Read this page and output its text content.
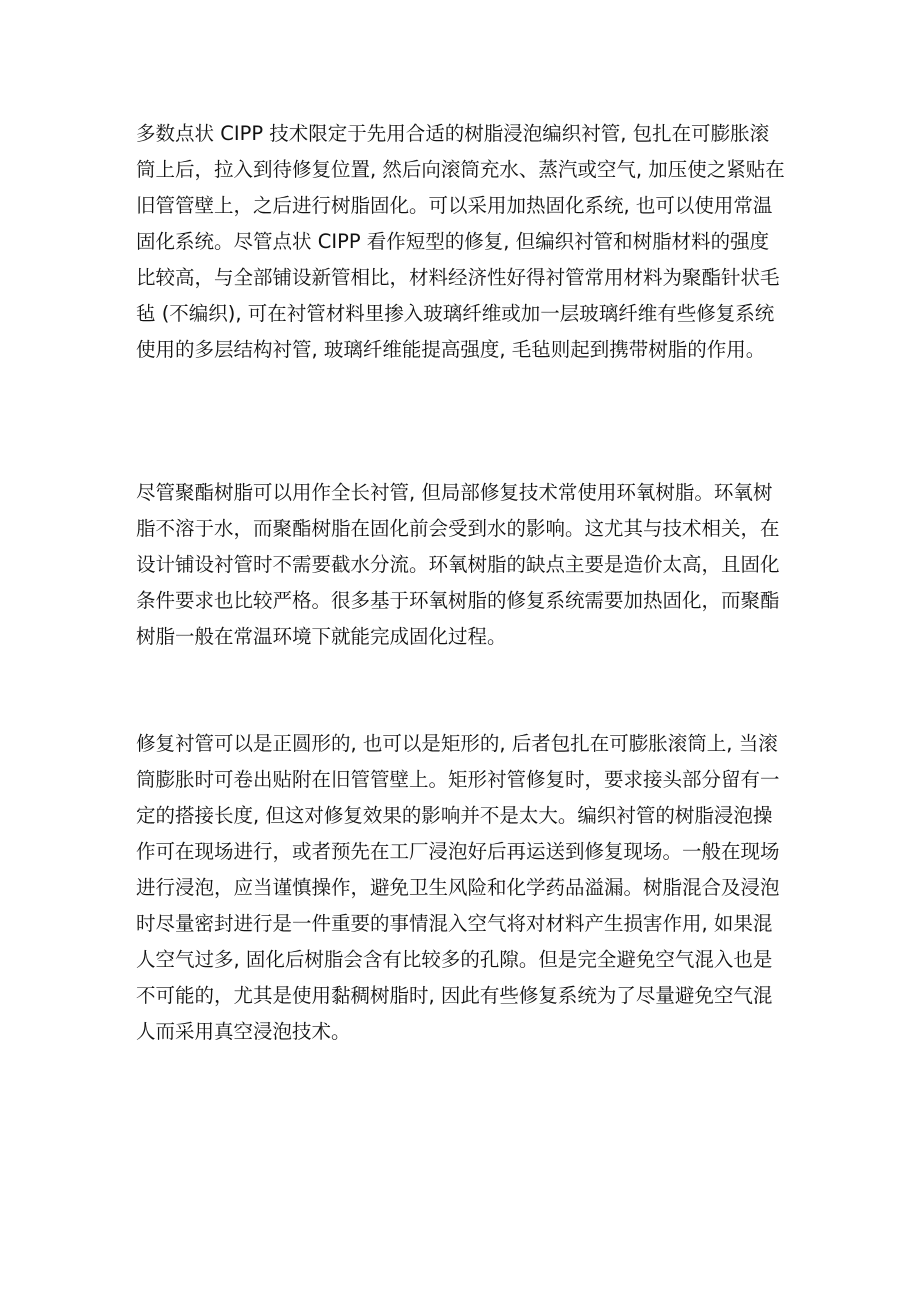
多数点状 CIPP 技术限定于先用合适的树脂浸泡编织衬管, 包扎在可膨胀滚
筒上后，拉入到待修复位置, 然后向滚筒充水、蒸汽或空气, 加压使之紧贴在
旧管管壁上，之后进行树脂固化。可以采用加热固化系统, 也可以使用常温
固化系统。尽管点状 CIPP 看作短型的修复, 但编织衬管和树脂材料的强度
比较高，与全部铺设新管相比，材料经济性好得衬管常用材料为聚酯针状毛
毡 (不编织), 可在衬管材料里掺入玻璃纤维或加一层玻璃纤维有些修复系统
使用的多层结构衬管, 玻璃纤维能提高强度, 毛毡则起到携带树脂的作用。

尽管聚酯树脂可以用作全长衬管, 但局部修复技术常使用环氧树脂。环氧树
脂不溶于水，而聚酯树脂在固化前会受到水的影响。这尤其与技术相关，在
设计铺设衬管时不需要截水分流。环氧树脂的缺点主要是造价太高，且固化
条件要求也比较严格。很多基于环氧树脂的修复系统需要加热固化，而聚酯
树脂一般在常温环境下就能完成固化过程。

修复衬管可以是正圆形的, 也可以是矩形的, 后者包扎在可膨胀滚筒上, 当滚
筒膨胀时可卷出贴附在旧管管壁上。矩形衬管修复时，要求接头部分留有一
定的搭接长度, 但这对修复效果的影响并不是太大。编织衬管的树脂浸泡操
作可在现场进行，或者预先在工厂浸泡好后再运送到修复现场。一般在现场
进行浸泡，应当谨慎操作，避免卫生风险和化学药品溢漏。树脂混合及浸泡
时尽量密封进行是一件重要的事情混入空气将对材料产生损害作用, 如果混
人空气过多, 固化后树脂会含有比较多的孔隙。但是完全避免空气混入也是
不可能的，尤其是使用黏稠树脂时, 因此有些修复系统为了尽量避免空气混
人而采用真空浸泡技术。
